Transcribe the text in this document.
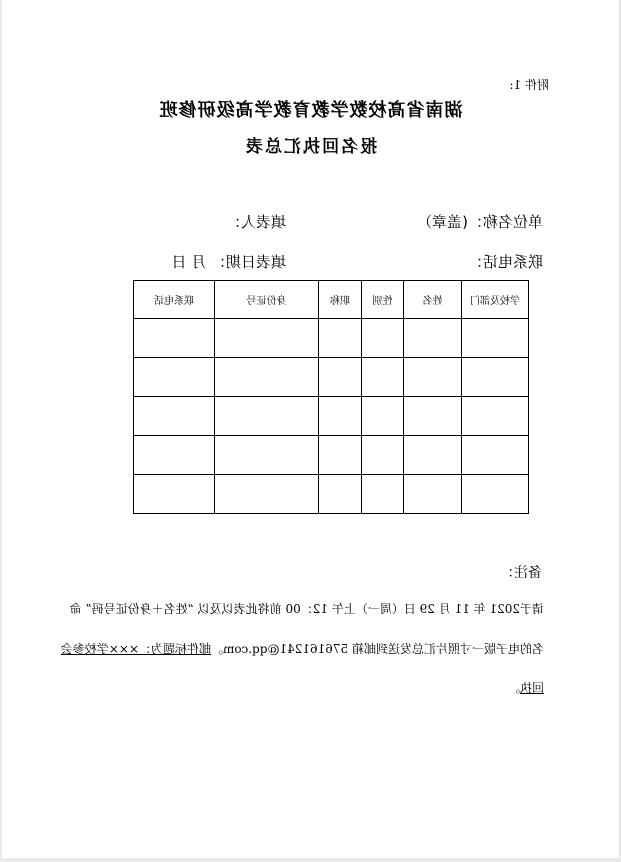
附件 1:
湖南省高校数学教育教学高级研修班
报名回执汇总表
单位名称：(盖章）
填表人：
联系电话：
填表日期： 月 日
学校及部门	姓名	性别	职称	身份证号	联系电话

备注：
请于2021 年 11 月 29 日（周一）上午 12：00 前将此表以及以 “姓名＋身份证号码” 命
名的电子版一寸照片汇总发送到邮箱 576161241@qq.com。邮件标题为：×××学校参会
回执。
